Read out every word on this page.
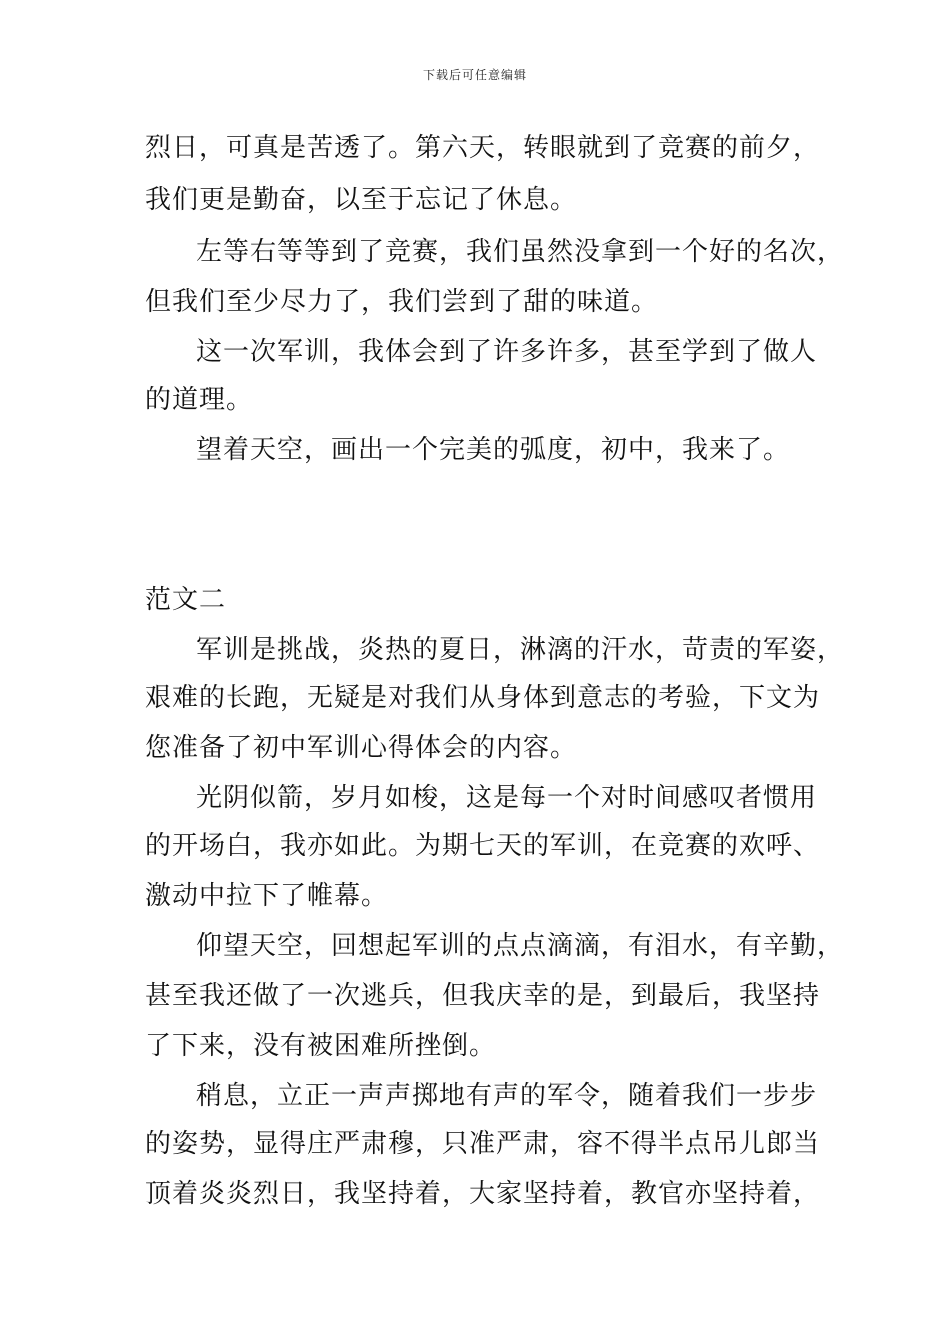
下载后可任意编辑
烈日，可真是苦透了。第六天，转眼就到了竞赛的前夕，
我们更是勤奋，以至于忘记了休息。
左等右等等到了竞赛，我们虽然没拿到一个好的名次，
但我们至少尽力了，我们尝到了甜的味道。
这一次军训，我体会到了许多许多，甚至学到了做人
的道理。
望着天空，画出一个完美的弧度，初中，我来了。
范文二
军训是挑战，炎热的夏日，淋漓的汗水，苛责的军姿，
艰难的长跑，无疑是对我们从身体到意志的考验，下文为
您准备了初中军训心得体会的内容。
光阴似箭，岁月如梭，这是每一个对时间感叹者惯用
的开场白，我亦如此。为期七天的军训，在竞赛的欢呼、
激动中拉下了帷幕。
仰望天空，回想起军训的点点滴滴，有泪水，有辛勤，
甚至我还做了一次逃兵，但我庆幸的是，到最后，我坚持
了下来，没有被困难所挫倒。
稍息，立正一声声掷地有声的军令，随着我们一步步
的姿势，显得庄严肃穆，只准严肃，容不得半点吊儿郎当
顶着炎炎烈日，我坚持着，大家坚持着，教官亦坚持着，
